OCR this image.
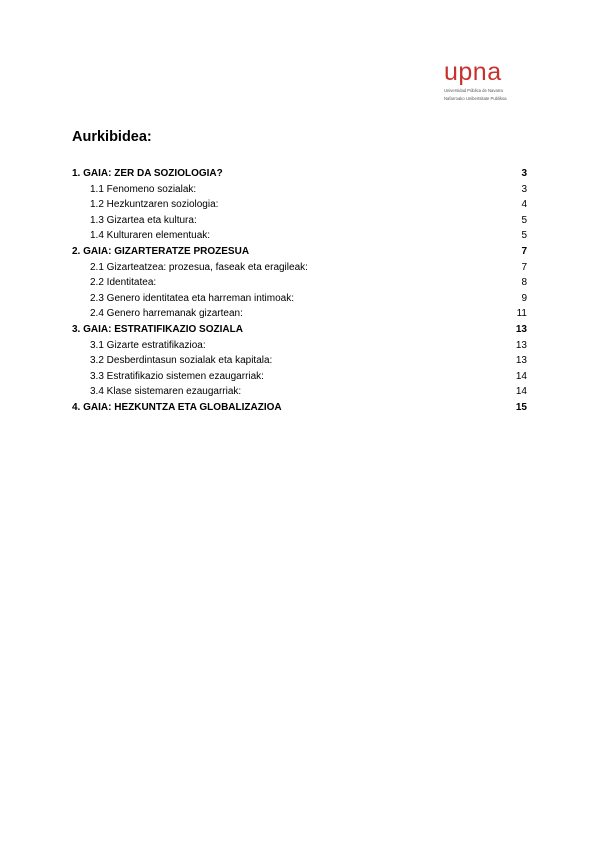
upna
Universidad Pública de Navarra
Nafarroako Unibertsitate Publikoa
Aurkibidea:
1. GAIA: ZER DA SOZIOLOGIA?	3
1.1 Fenomeno sozialak:	3
1.2 Hezkuntzaren soziologia:	4
1.3 Gizartea eta kultura:	5
1.4 Kulturaren elementuak:	5
2. GAIA: GIZARTERATZE PROZESUA	7
2.1 Gizarteatzea: prozesua, faseak eta eragileak:	7
2.2 Identitatea:	8
2.3 Genero identitatea eta harreman intimoak:	9
2.4 Genero harremanak gizartean:	11
3. GAIA: ESTRATIFIKAZIO SOZIALA	13
3.1 Gizarte estratifikazioa:	13
3.2 Desberdintasun sozialak eta kapitala:	13
3.3 Estratifikazio sistemen ezaugarriak:	14
3.4 Klase sistemaren ezaugarriak:	14
4. GAIA: HEZKUNTZA ETA GLOBALIZAZIOA	15
